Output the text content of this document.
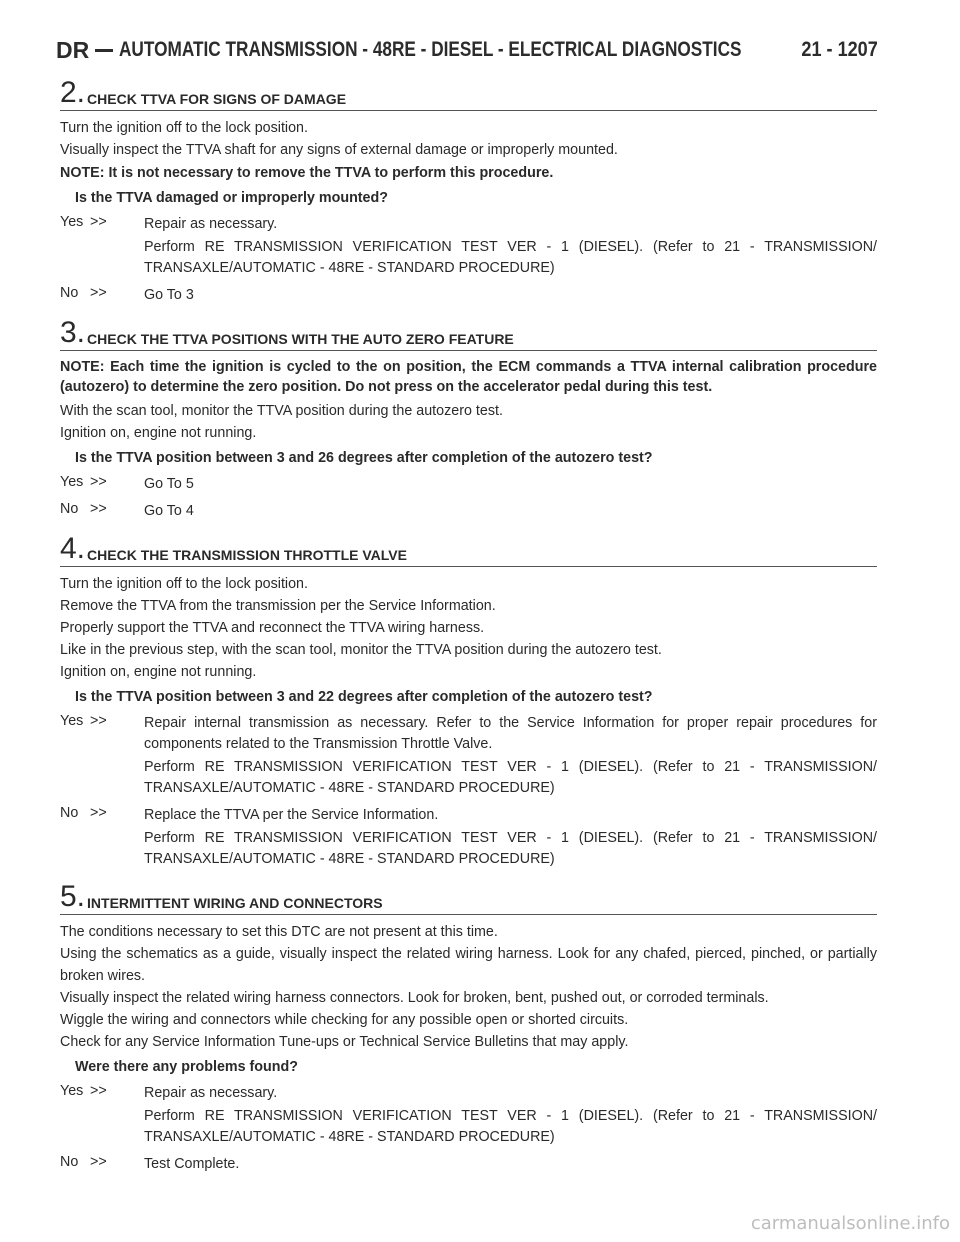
DR AUTOMATIC TRANSMISSION - 48RE - DIESEL - ELECTRICAL DIAGNOSTICS	21 - 1207
2. CHECK TTVA FOR SIGNS OF DAMAGE

Turn the ignition off to the lock position.

Visually inspect the TTVA shaft for any signs of external damage or improperly mounted.

NOTE: It is not necessary to remove the TTVA to perform this procedure.

Is the TTVA damaged or improperly mounted?

Yes >>	Repair as necessary.

Perform RE TRANSMISSION VERIFICATION TEST VER - 1 (DIESEL). (Refer to 21 - TRANSMISSION/ TRANSAXLE/AUTOMATIC - 48RE - STANDARD PROCEDURE)

No >>	Go To 3

3. CHECK THE TTVA POSITIONS WITH THE AUTO ZERO FEATURE

NOTE: Each time the ignition is cycled to the on position, the ECM commands a TTVA internal calibration procedure (autozero) to determine the zero position. Do not press on the accelerator pedal during this test.

With the scan tool, monitor the TTVA position during the autozero test.

Ignition on, engine not running.

Is the TTVA position between 3 and 26 degrees after completion of the autozero test?

Yes >>	Go To 5

No >>	Go To 4

4. CHECK THE TRANSMISSION THROTTLE VALVE

Turn the ignition off to the lock position.

Remove the TTVA from the transmission per the Service Information.

Properly support the TTVA and reconnect the TTVA wiring harness.

Like in the previous step, with the scan tool, monitor the TTVA position during the autozero test.

Ignition on, engine not running.

Is the TTVA position between 3 and 22 degrees after completion of the autozero test?

Yes >>	Repair internal transmission as necessary. Refer to the Service Information for proper repair procedures for components related to the Transmission Throttle Valve.

Perform RE TRANSMISSION VERIFICATION TEST VER - 1 (DIESEL). (Refer to 21 - TRANSMISSION/ TRANSAXLE/AUTOMATIC - 48RE - STANDARD PROCEDURE)

No >>	Replace the TTVA per the Service Information.

Perform RE TRANSMISSION VERIFICATION TEST VER - 1 (DIESEL). (Refer to 21 - TRANSMISSION/ TRANSAXLE/AUTOMATIC - 48RE - STANDARD PROCEDURE)

5. INTERMITTENT WIRING AND CONNECTORS

The conditions necessary to set this DTC are not present at this time.

Using the schematics as a guide, visually inspect the related wiring harness. Look for any chafed, pierced, pinched, or partially broken wires.

Visually inspect the related wiring harness connectors. Look for broken, bent, pushed out, or corroded terminals.

Wiggle the wiring and connectors while checking for any possible open or shorted circuits.

Check for any Service Information Tune-ups or Technical Service Bulletins that may apply.

Were there any problems found?

Yes >>	Repair as necessary.

Perform RE TRANSMISSION VERIFICATION TEST VER - 1 (DIESEL). (Refer to 21 - TRANSMISSION/ TRANSAXLE/AUTOMATIC - 48RE - STANDARD PROCEDURE)

No >>	Test Complete.

carmanualsonline.info
